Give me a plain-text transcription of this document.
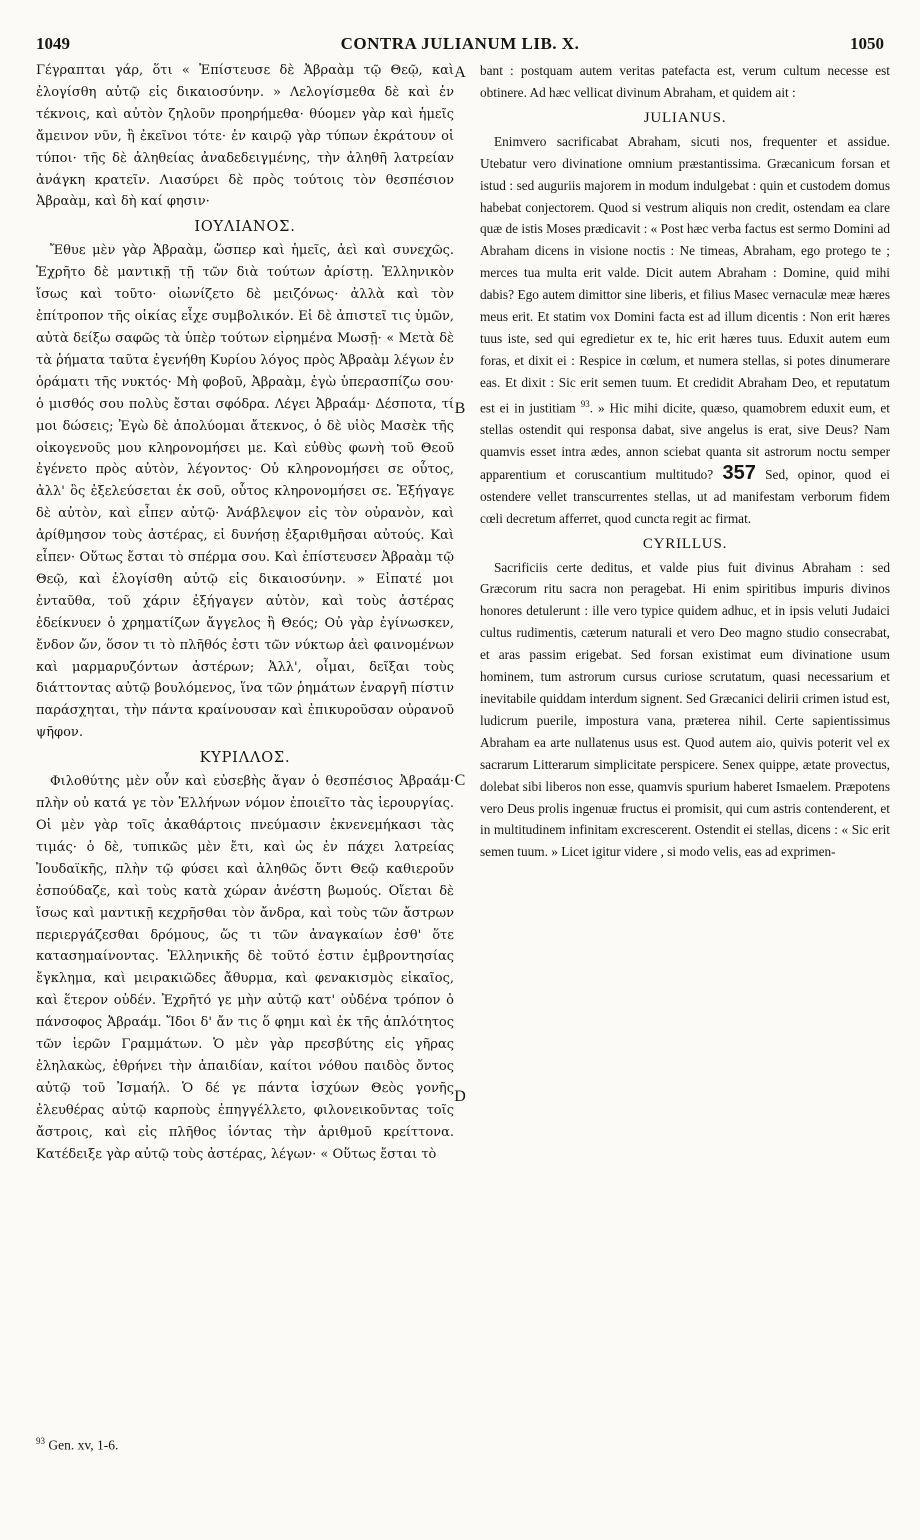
1049	CONTRA JULIANUM LIB. X.	1050

Γέγραπται γάρ, ὅτι « Ἐπίστευσε δὲ Ἀβραὰμ τῷ Θεῷ, καὶ ἐλογίσθη αὐτῷ εἰς δικαιοσύνην. » Λελογίσμεθα δὲ καὶ ἐν τέκνοις, καὶ αὐτὸν ζηλοῦν προηρήμεθα· θύομεν γὰρ καὶ ἡμεῖς ἄμεινον νῦν, ἢ ἐκεῖνοι τότε· ἐν καιρῷ γὰρ τύπων ἐκράτουν οἱ τύποι· τῆς δὲ ἀληθείας ἀναδεδειγμένης, τὴν ἀληθῆ λατρείαν ἀνάγκη κρατεῖν. Λιασύρει δὲ πρὸς τούτοις τὸν θεσπέσιον Ἀβραὰμ, καὶ δὴ καί φησιν·

ΙΟΥΛΙΑΝΟΣ.

Ἔθυε μὲν γὰρ Ἀβραὰμ, ὥσπερ καὶ ἡμεῖς, ἀεὶ καὶ συνεχῶς. Ἐχρῆτο δὲ μαντικῇ τῇ τῶν διὰ τούτων ἀρίστῃ. Ἑλληνικὸν ἴσως καὶ τοῦτο· οἰωνίζετο δὲ μειζόνως· ἀλλὰ καὶ τὸν ἐπίτροπον τῆς οἰκίας εἶχε συμβολικόν. Εἰ δὲ ἀπιστεῖ τις ὑμῶν, αὐτὰ δείξω σαφῶς τὰ ὑπὲρ τούτων εἰρημένα Μωσῇ· « Μετὰ δὲ τὰ ῥήματα ταῦτα ἐγενήθη Κυρίου λόγος πρὸς Ἀβραὰμ λέγων ἐν ὁράματι τῆς νυκτός· Μὴ φοβοῦ, Ἀβραὰμ, ἐγὼ ὑπερασπίζω σου· ὁ μισθός σου πολὺς ἔσται σφόδρα. Λέγει Ἀβραάμ· Δέσποτα, τί μοι δώσεις; Ἐγὼ δὲ ἀπολύομαι ἄτεκνος, ὁ δὲ υἱὸς Μασὲκ τῆς οἰκογενοῦς μου κληρονομήσει με. Καὶ εὐθὺς φωνὴ τοῦ Θεοῦ ἐγένετο πρὸς αὐτὸν, λέγοντος· Οὐ κληρονομήσει σε οὗτος, ἀλλ' ὃς ἐξελεύσεται ἐκ σοῦ, οὗτος κληρονομήσει σε. Ἐξήγαγε δὲ αὐτὸν, καὶ εἶπεν αὐτῷ· Ἀνάβλεψον εἰς τὸν οὐρανὸν, καὶ ἀρίθμησον τοὺς ἀστέρας, εἰ δυνήσῃ ἐξαριθμῆσαι αὐτούς. Καὶ εἶπεν· Οὕτως ἔσται τὸ σπέρμα σου. Καὶ ἐπίστευσεν Ἀβραὰμ τῷ Θεῷ, καὶ ἐλογίσθη αὐτῷ εἰς δικαιοσύνην. » Εἰπατέ μοι ἐνταῦθα, τοῦ χάριν ἐξήγαγεν αὐτὸν, καὶ τοὺς ἀστέρας ἐδείκνυεν ὁ χρηματίζων ἄγγελος ἢ Θεός; Οὐ γὰρ ἐγίνωσκεν, ἔνδον ὤν, ὅσον τι τὸ πλῆθός ἐστι τῶν νύκτωρ ἀεὶ φαινομένων καὶ μαρμαρυζόντων ἀστέρων; Ἀλλ', οἶμαι, δεῖξαι τοὺς διάττοντας αὐτῷ βουλόμενος, ἵνα τῶν ῥημάτων ἐναργῆ πίστιν παράσχηται, τὴν πάντα κραίνουσαν καὶ ἐπικυροῦσαν οὐρανοῦ ψῆφον.

ΚΥΡΙΛΛΟΣ.

Φιλοθύτης μὲν οὖν καὶ εὐσεβὴς ἄγαν ὁ θεσπέσιος Ἀβραάμ· πλὴν οὐ κατά γε τὸν Ἑλλήνων νόμον ἐποιεῖτο τὰς ἱερουργίας. Οἱ μὲν γὰρ τοῖς ἀκαθάρτοις πνεύμασιν ἐκνενεμήκασι τὰς τιμάς· ὁ δὲ, τυπικῶς μὲν ἔτι, καὶ ὡς ἐν πάχει λατρείας Ἰουδαϊκῆς, πλὴν τῷ φύσει καὶ ἀληθῶς ὄντι Θεῷ καθιεροῦν ἐσπούδαζε, καὶ τοὺς κατὰ χώραν ἀνέστη βωμούς. Οἴεται δὲ ἴσως καὶ μαντικῇ κεχρῆσθαι τὸν ἄνδρα, καὶ τοὺς τῶν ἄστρων περιεργάζεσθαι δρόμους, ὥς τι τῶν ἀναγκαίων ἐσθ' ὅτε κατασημαίνοντας. Ἑλληνικῆς δὲ τοῦτό ἐστιν ἐμβροντησίας ἔγκλημα, καὶ μειρακιῶδες ἄθυρμα, καὶ φενακισμὸς εἰκαῖος, καὶ ἕτερον οὐδέν. Ἐχρῆτό γε μὴν αὐτῷ κατ' οὐδένα τρόπον ὁ πάνσοφος Ἀβραάμ. Ἴδοι δ' ἄν τις ὅ φημι καὶ ἐκ τῆς ἁπλότητος τῶν ἱερῶν Γραμμάτων. Ὁ μὲν γὰρ πρεσβύτης εἰς γῆρας ἐληλακὼς, ἐθρήνει τὴν ἀπαιδίαν, καίτοι νόθου παιδὸς ὄντος αὐτῷ τοῦ Ἰσμαήλ. Ὁ δέ γε πάντα ἰσχύων Θεὸς γονῆς ἐλευθέρας αὐτῷ καρποὺς ἐπηγγέλλετο, φιλονεικοῦντας τοῖς ἄστροις, καὶ εἰς πλῆθος ἰόντας τὴν ἀριθμοῦ κρείττονα. Κατέδειξε γὰρ αὐτῷ τοὺς ἀστέρας, λέγων· « Οὕτως ἔσται τὸ

A
B
C
D

bant : postquam autem veritas patefacta est, verum cultum necesse est obtinere. Ad hæc vellicat divinum Abraham, et quidem ait :

JULIANUS.

Enimvero sacrificabat Abraham, sicuti nos, frequenter et assidue. Utebatur vero divinatione omnium præstantissima. Græcanicum forsan et istud : sed auguriis majorem in modum indulgebat : quin et custodem domus habebat conjectorem. Quod si vestrum aliquis non credit, ostendam ea clare quæ de istis Moses prædicavit : « Post hæc verba factus est sermo Domini ad Abraham dicens in visione noctis : Ne timeas, Abraham, ego protego te ; merces tua multa erit valde. Dicit autem Abraham : Domine, quid mihi dabis? Ego autem dimittor sine liberis, et filius Masec vernaculæ meæ hæres meus erit. Et statim vox Domini facta est ad illum dicentis : Non erit hæres tuus iste, sed qui egredietur ex te, hic erit hæres tuus. Eduxit autem eum foras, et dixit ei : Respice in cœlum, et numera stellas, si potes dinumerare eas. Et dixit : Sic erit semen tuum. Et credidit Abraham Deo, et reputatum est ei in justitiam $^{93}$. » Hic mihi dicite, quæso, quamobrem eduxit eum, et stellas ostendit qui responsa dabat, sive angelus is erat, sive Deus? Nam quamvis esset intra ædes, annon sciebat quanta sit astrorum noctu semper apparentium et coruscantium multitudo? 357 Sed, opinor, quod ei ostendere vellet transcurrentes stellas, ut ad manifestam verborum fidem cœli decretum afferret, quod cuncta regit ac firmat.

CYRILLUS.

Sacrificiis certe deditus, et valde pius fuit divinus Abraham : sed Græcorum ritu sacra non peragebat. Hi enim spiritibus impuris divinos honores detulerunt : ille vero typice quidem adhuc, et in ipsis veluti Judaici cultus rudimentis, cæterum naturali et vero Deo magno studio consecrabat, et aras passim erigebat. Sed forsan existimat eum divinatione usum hominem, tum astrorum cursus curiose scrutatum, quasi necessarium et inevitabile quiddam interdum signent. Sed Græcanici delirii crimen istud est, ludicrum puerile, impostura vana, præterea nihil. Certe sapientissimus Abraham ea arte nullatenus usus est. Quod autem aio, quivis poterit vel ex sacrarum Litterarum simplicitate perspicere. Senex quippe, ætate provectus, dolebat sibi liberos non esse, quamvis spurium haberet Ismaelem. Præpotens vero Deus prolis ingenuæ fructus ei promisit, qui cum astris contenderent, et in multitudinem infinitam excrescerent. Ostendit ei stellas, dicens : « Sic erit semen tuum. » Licet igitur videre , si modo velis, eas ad exprimen-

$^{93}$ Gen. xv, 1-6.
